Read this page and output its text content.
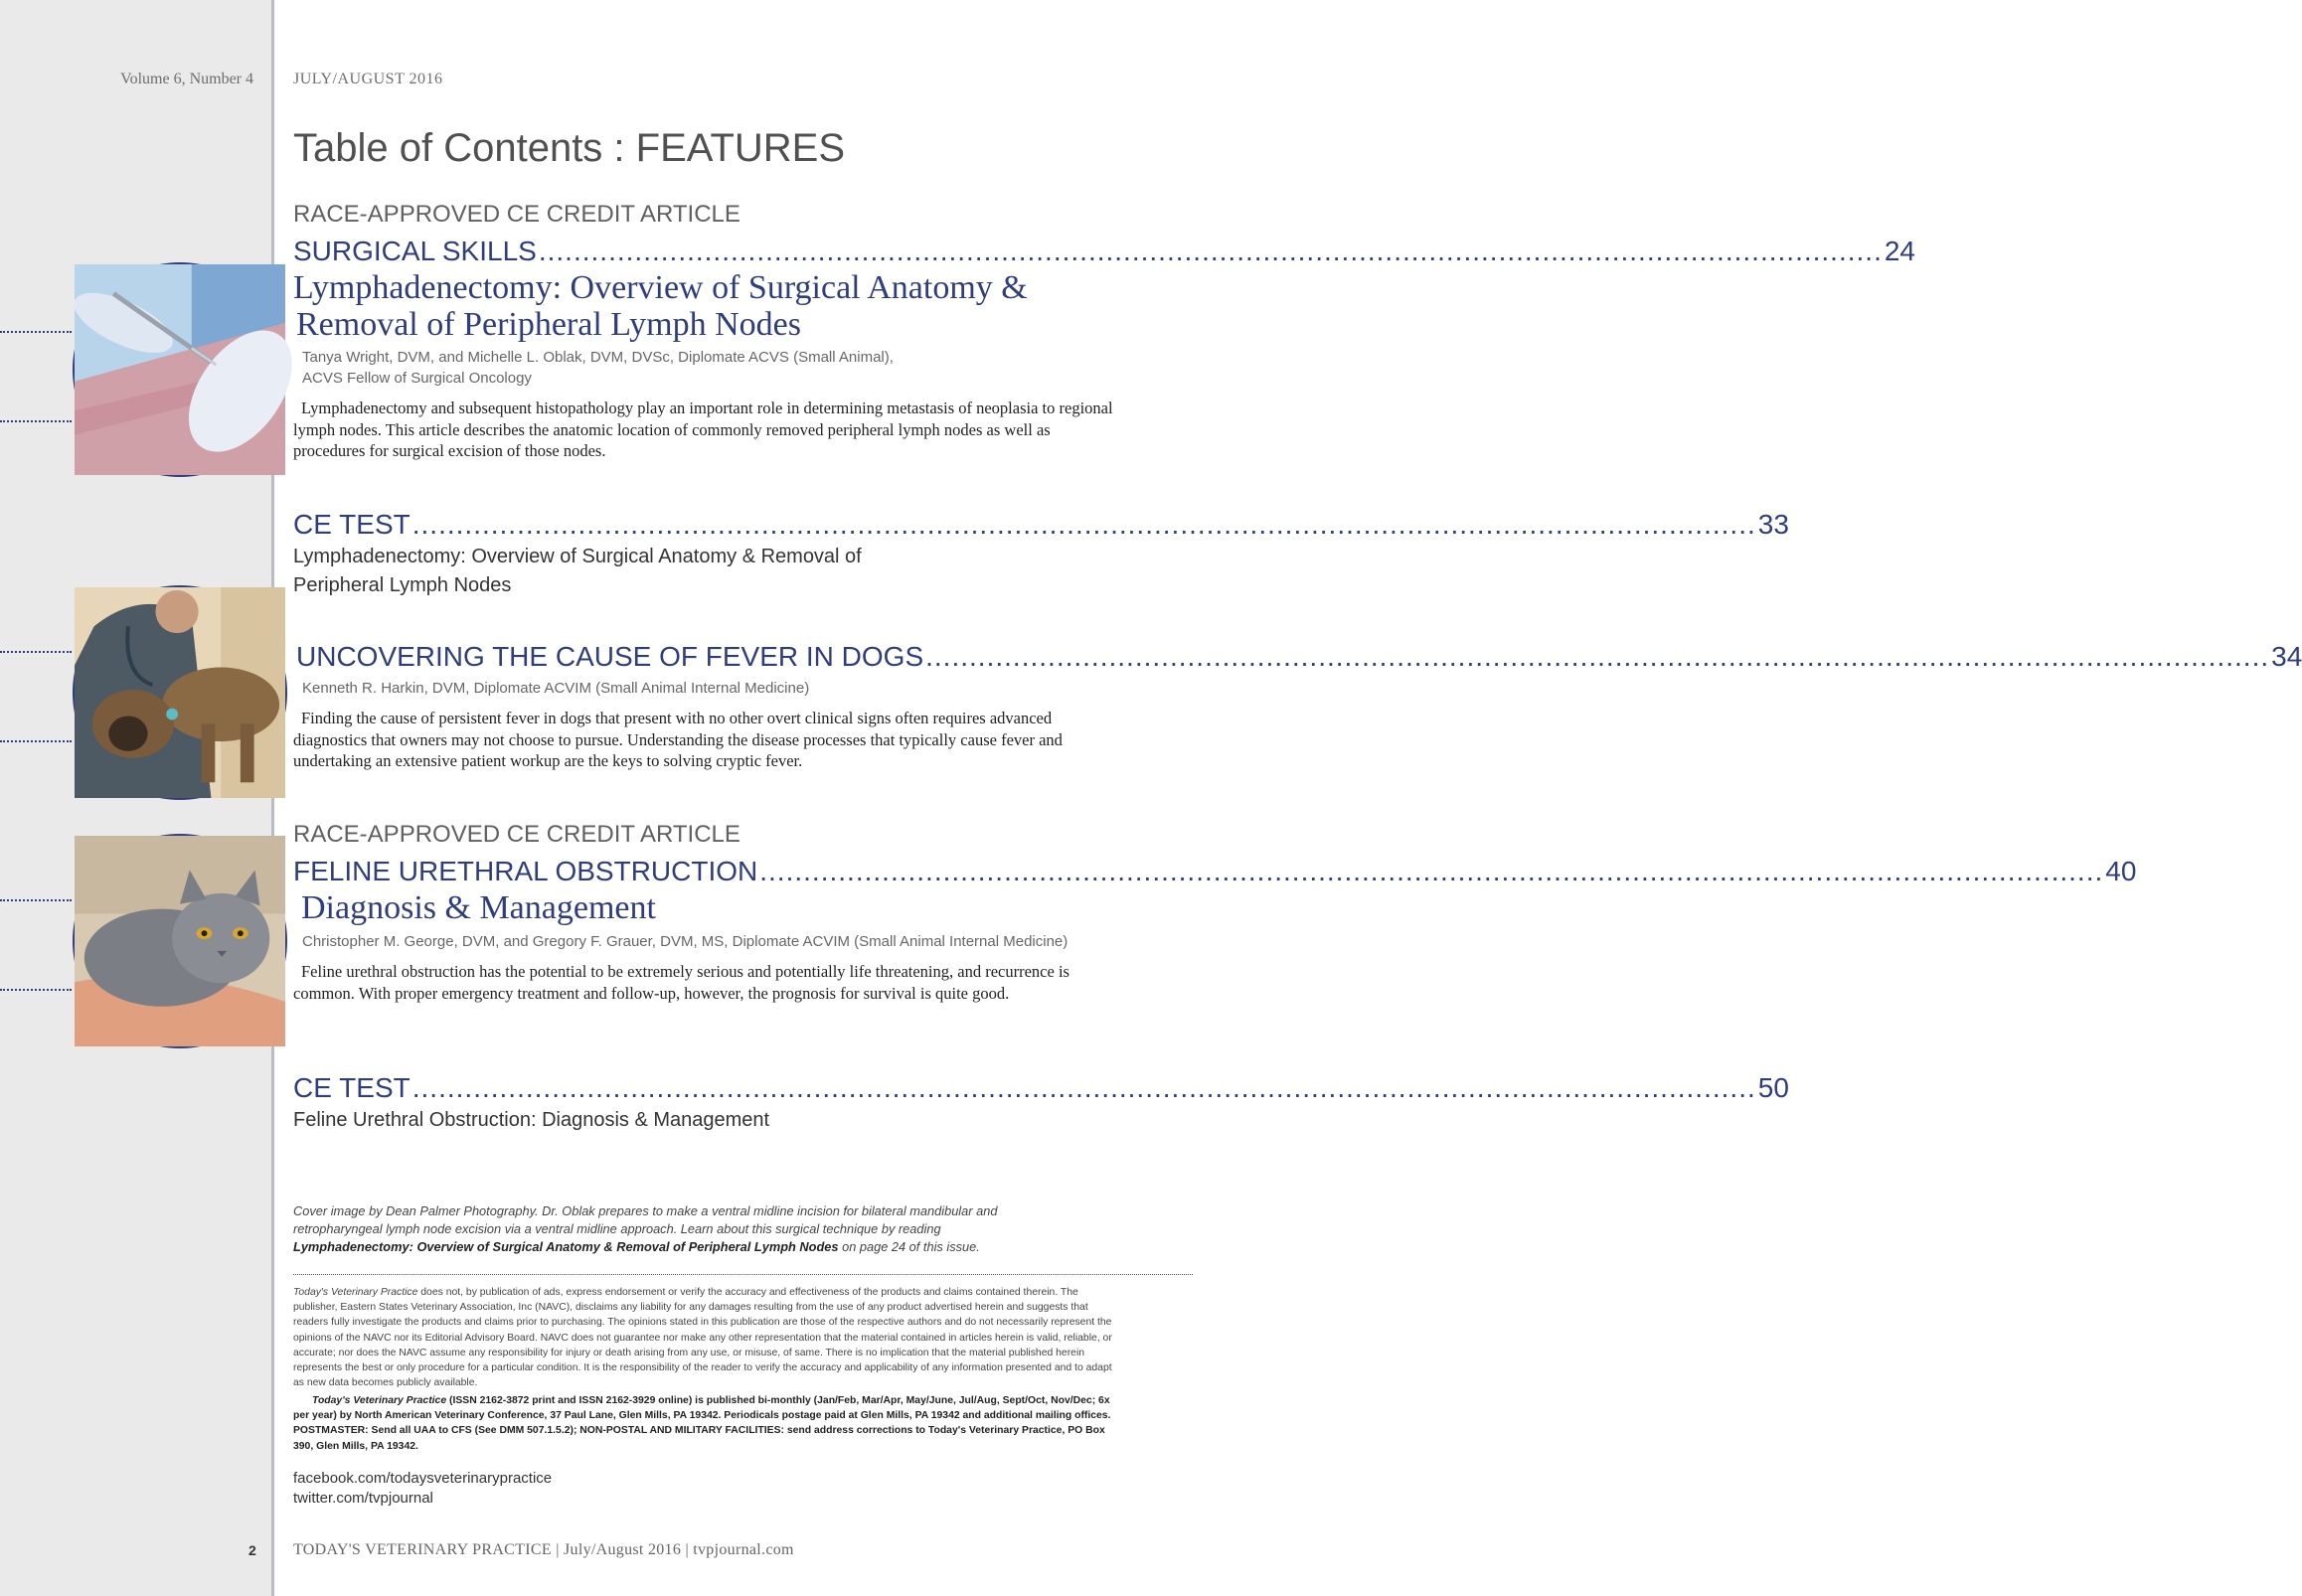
Volume 6, Number 4	JULY/AUGUST 2016
Table of Contents : FEATURES
RACE-APPROVED CE CREDIT ARTICLE
SURGICAL SKILLS .......................................................................................................................................................... 24
Lymphadenectomy: Overview of Surgical Anatomy &
Removal of Peripheral Lymph Nodes
Tanya Wright, DVM, and Michelle L. Oblak, DVM, DVSc, Diplomate ACVS (Small Animal),
ACVS Fellow of Surgical Oncology
Lymphadenectomy and subsequent histopathology play an important role in determining metastasis of neoplasia to regional lymph nodes. This article describes the anatomic location of commonly removed peripheral lymph nodes as well as procedures for surgical excision of those nodes.
CE TEST .......................................................................................................................................................... 33
Lymphadenectomy: Overview of Surgical Anatomy & Removal of
Peripheral Lymph Nodes
UNCOVERING THE CAUSE OF FEVER IN DOGS .......................................................................................................................................................... 34
Kenneth R. Harkin, DVM, Diplomate ACVIM (Small Animal Internal Medicine)
Finding the cause of persistent fever in dogs that present with no other overt clinical signs often requires advanced diagnostics that owners may not choose to pursue. Understanding the disease processes that typically cause fever and undertaking an extensive patient workup are the keys to solving cryptic fever.
RACE-APPROVED CE CREDIT ARTICLE
FELINE URETHRAL OBSTRUCTION .......................................................................................................................................................... 40
Diagnosis & Management
Christopher M. George, DVM, and Gregory F. Grauer, DVM, MS, Diplomate ACVIM (Small Animal Internal Medicine)
Feline urethral obstruction has the potential to be extremely serious and potentially life threatening, and recurrence is common. With proper emergency treatment and follow-up, however, the prognosis for survival is quite good.
CE TEST .......................................................................................................................................................... 50
Feline Urethral Obstruction: Diagnosis & Management
Cover image by Dean Palmer Photography. Dr. Oblak prepares to make a ventral midline incision for bilateral mandibular and retropharyngeal lymph node excision via a ventral midline approach. Learn about this surgical technique by reading Lymphadenectomy: Overview of Surgical Anatomy & Removal of Peripheral Lymph Nodes on page 24 of this issue.
Today's Veterinary Practice does not, by publication of ads, express endorsement or verify the accuracy and effectiveness of the products and claims contained therein. The publisher, Eastern States Veterinary Association, Inc (NAVC), disclaims any liability for any damages resulting from the use of any product advertised herein and suggests that readers fully investigate the products and claims prior to purchasing. The opinions stated in this publication are those of the respective authors and do not necessarily represent the opinions of the NAVC nor its Editorial Advisory Board. NAVC does not guarantee nor make any other representation that the material contained in articles herein is valid, reliable, or accurate; nor does the NAVC assume any responsibility for injury or death arising from any use, or misuse, of same. There is no implication that the material published herein represents the best or only procedure for a particular condition. It is the responsibility of the reader to verify the accuracy and applicability of any information presented and to adapt as new data becomes publicly available.
Today's Veterinary Practice (ISSN 2162-3872 print and ISSN 2162-3929 online) is published bi-monthly (Jan/Feb, Mar/Apr, May/June, Jul/Aug, Sept/Oct, Nov/Dec; 6x per year) by North American Veterinary Conference, 37 Paul Lane, Glen Mills, PA 19342. Periodicals postage paid at Glen Mills, PA 19342 and additional mailing offices. POSTMASTER: Send all UAA to CFS (See DMM 507.1.5.2); NON-POSTAL AND MILITARY FACILITIES: send address corrections to Today's Veterinary Practice, PO Box 390, Glen Mills, PA 19342.
facebook.com/todaysveterinarypractice
twitter.com/tvpjournal
2 TODAY'S VETERINARY PRACTICE | July/August 2016 | tvpjournal.com
